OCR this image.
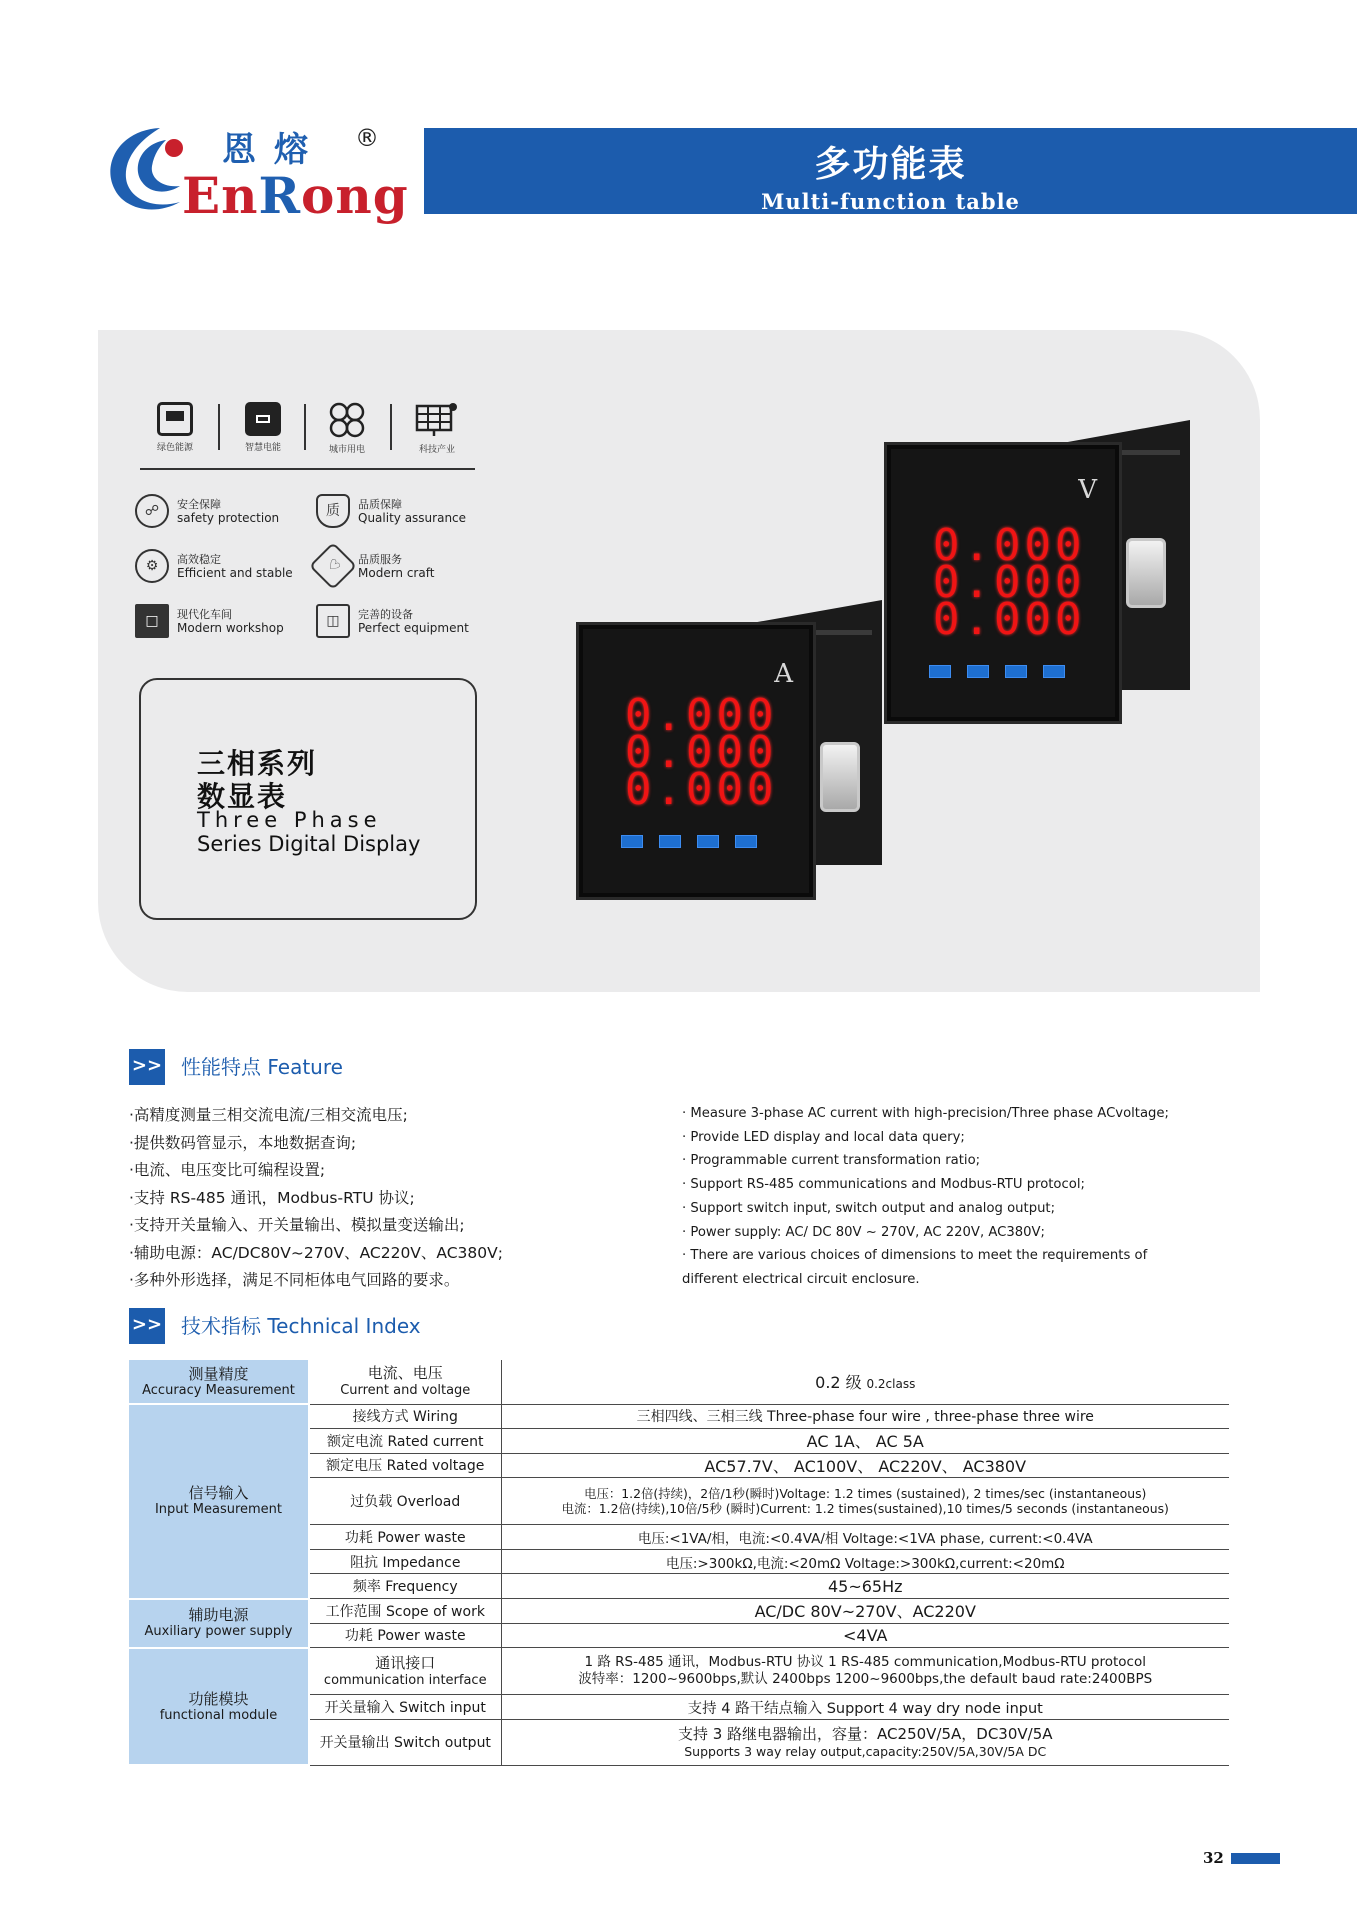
恩熔 ®
EnRong
多功能表
Multi-function table
绿色能源	智慧电能	城市用电	科技产业
☍	安全保障
safety protection	质	品质保障
Quality assurance
⚙	高效稳定
Efficient and stable	♡	品质服务
Modern craft
□	现代化车间
Modern workshop	◫	完善的设备
Perfect equipment
三相系列
数显表
Three Phase
Series Digital Display
V
0.000
0.000
0.000
A
0.000
0.000
0.000
>> 性能特点 Feature
·高精度测量三相交流电流/三相交流电压;
·提供数码管显示，本地数据查询;
·电流、电压变比可编程设置;
·支持 RS-485 通讯，Modbus-RTU 协议;
·支持开关量输入、开关量输出、模拟量变送输出;
·辅助电源：AC/DC80V~270V、AC220V、AC380V;
·多种外形选择，满足不同柜体电气回路的要求。
· Measure 3-phase AC current with high-precision/Three phase ACvoltage;
· Provide LED display and local data query;
· Programmable current transformation ratio;
· Support RS-485 communications and Modbus-RTU protocol;
· Support switch input, switch output and analog output;
· Power supply: AC/ DC 80V ~ 270V, AC 220V, AC380V;
· There are various choices of dimensions to meet the requirements of
different electrical circuit enclosure.
>> 技术指标 Technical Index
测量精度
Accuracy Measurement	电流、电压
Current and voltage	0.2 级 0.2class

信号输入
Input Measurement	接线方式 Wiring	三相四线、三相三线 Three-phase four wire , three-phase three wire
	额定电流 Rated current	AC 1A、 AC 5A
	额定电压 Rated voltage	AC57.7V、 AC100V、 AC220V、 AC380V
	过负载 Overload	电压：1.2倍(持续)，2倍/1秒(瞬时)Voltage: 1.2 times (sustained), 2 times/sec (instantaneous)
电流：1.2倍(持续),10倍/5秒 (瞬时)Current: 1.2 times(sustained),10 times/5 seconds (instantaneous)

	功耗 Power waste	电压:<1VA/相，电流:<0.4VA/相 Voltage:<1VA phase, current:<0.4VA
	阻抗 Impedance	电压:>300kΩ,电流:<20mΩ Voltage:>300kΩ,current:<20mΩ
	频率 Frequency	45~65Hz

辅助电源
Auxiliary power supply	工作范围 Scope of work	AC/DC 80V~270V、AC220V
	功耗 Power waste	<4VA

功能模块
functional module	通讯接口
communication interface	1 路 RS-485 通讯，Modbus-RTU 协议 1 RS-485 communication,Modbus-RTU protocol
波特率：1200~9600bps,默认 2400bps 1200~9600bps,the default baud rate:2400BPS

	开关量输入 Switch input	支持 4 路干结点输入 Support 4 way dry node input
	开关量输出 Switch output	支持 3 路继电器输出，容量：AC250V/5A，DC30V/5A
Supports 3 way relay output,capacity:250V/5A,30V/5A DC
32
